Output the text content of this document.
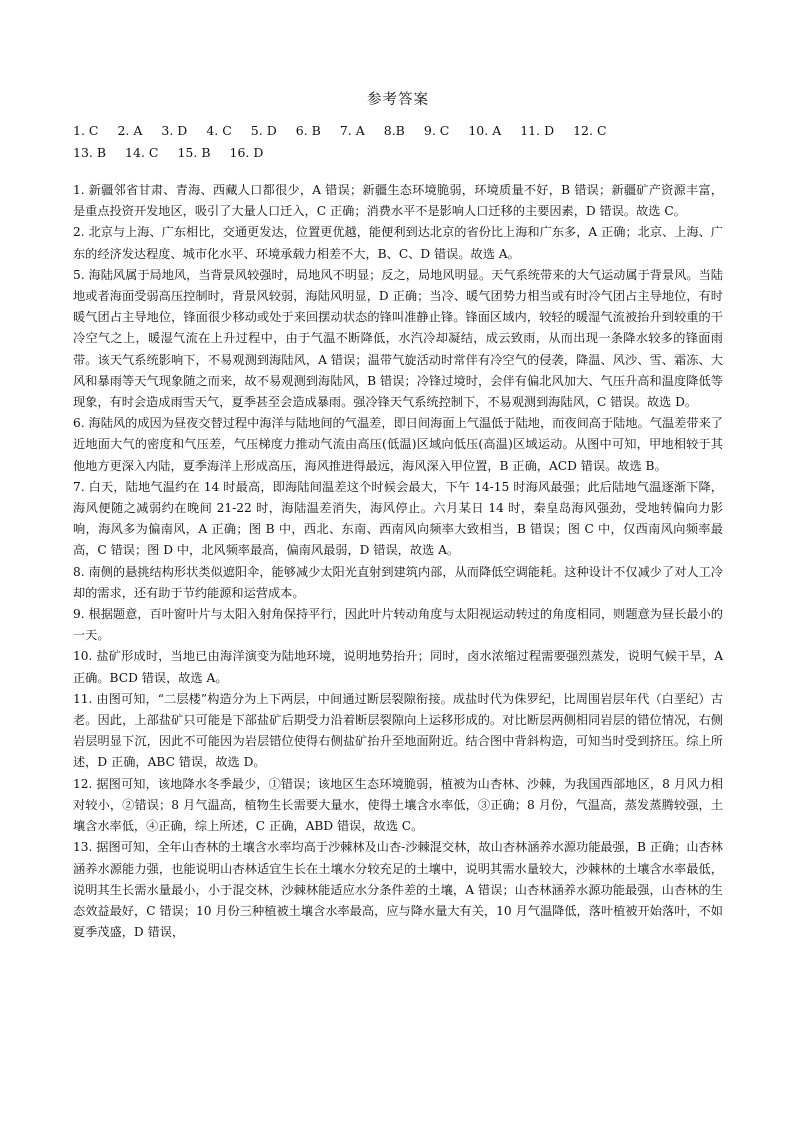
参考答案
1. C 2. A 3. D 4. C 5. D 6. B 7. A 8.B 9. C 10. A 11. D 12. C
13. B 14. C 15. B 16. D

1. 新疆邻省甘肃、青海、西藏人口都很少，A 错误；新疆生态环境脆弱，环境质量不好，B 错误；新疆矿产资源丰富，是重点投资开发地区，吸引了大量人口迁入，C 正确；消费水平不是影响人口迁移的主要因素，D 错误。故选 C。

2. 北京与上海、广东相比，交通更发达，位置更优越，能便利到达北京的省份比上海和广东多，A 正确；北京、上海、广东的经济发达程度、城市化水平、环境承载力相差不大，B、C、D 错误。故选 A。

5. 海陆风属于局地风，当背景风较强时，局地风不明显；反之，局地风明显。天气系统带来的大气运动属于背景风。当陆地或者海面受弱高压控制时，背景风较弱，海陆风明显，D 正确；当冷、暖气团势力相当或有时冷气团占主导地位，有时暖气团占主导地位，锋面很少移动或处于来回摆动状态的锋叫准静止锋。锋面区域内，较轻的暖湿气流被抬升到较重的干冷空气之上，暖湿气流在上升过程中，由于气温不断降低，水汽冷却凝结，成云致雨，从而出现一条降水较多的锋面雨带。该天气系统影响下，不易观测到海陆风，A 错误；温带气旋活动时常伴有冷空气的侵袭，降温、风沙、雪、霜冻、大风和暴雨等天气现象随之而来，故不易观测到海陆风，B 错误；冷锋过境时，会伴有偏北风加大、气压升高和温度降低等现象，有时会造成雨雪天气，夏季甚至会造成暴雨。强冷锋天气系统控制下，不易观测到海陆风，C 错误。故选 D。

6. 海陆风的成因为昼夜交替过程中海洋与陆地间的气温差，即日间海面上气温低于陆地，而夜间高于陆地。气温差带来了近地面大气的密度和气压差，气压梯度力推动气流由高压(低温)区域向低压(高温)区域运动。从图中可知，甲地相较于其他地方更深入内陆，夏季海洋上形成高压，海风推进得最远，海风深入甲位置，B 正确，ACD 错误。故选 B。

7. 白天，陆地气温约在 14 时最高，即海陆间温差这个时候会最大，下午 14-15 时海风最强；此后陆地气温逐渐下降，海风便随之减弱约在晚间 21-22 时，海陆温差消失，海风停止。六月某日 14 时，秦皇岛海风强劲，受地转偏向力影响，海风多为偏南风，A 正确；图 B 中，西北、东南、西南风向频率大致相当，B 错误；图 C 中，仅西南风向频率最高，C 错误；图 D 中，北风频率最高，偏南风最弱，D 错误，故选 A。

8. 南侧的悬挑结构形状类似遮阳伞，能够减少太阳光直射到建筑内部，从而降低空调能耗。这种设计不仅减少了对人工冷却的需求，还有助于节约能源和运营成本。

9. 根据题意，百叶窗叶片与太阳入射角保持平行，因此叶片转动角度与太阳视运动转过的角度相同，则题意为昼长最小的一天。

10. 盐矿形成时，当地已由海洋演变为陆地环境，说明地势抬升；同时，卤水浓缩过程需要强烈蒸发，说明气候干旱，A 正确。BCD 错误，故选 A。

11. 由图可知，“二层楼”构造分为上下两层，中间通过断层裂隙衔接。成盐时代为侏罗纪，比周围岩层年代（白垩纪）古老。因此，上部盐矿只可能是下部盐矿后期受力沿着断层裂隙向上运移形成的。对比断层两侧相同岩层的错位情况，右侧岩层明显下沉，因此不可能因为岩层错位使得右侧盐矿抬升至地面附近。结合图中背斜构造，可知当时受到挤压。综上所述，D 正确，ABC 错误，故选 D。

12. 据图可知，该地降水冬季最少，①错误；该地区生态环境脆弱，植被为山杏林、沙棘，为我国西部地区，8 月风力相对较小，②错误；8 月气温高，植物生长需要大量水，使得土壤含水率低，③正确；8 月份，气温高，蒸发蒸腾较强，土壤含水率低，④正确，综上所述，C 正确，ABD 错误，故选 C。

13. 据图可知，全年山杏林的土壤含水率均高于沙棘林及山杏-沙棘混交林，故山杏林涵养水源功能最强，B 正确；山杏林涵养水源能力强，也能说明山杏林适宜生长在土壤水分较充足的土壤中，说明其需水量较大，沙棘林的土壤含水率最低，说明其生长需水量最小，小于混交林，沙棘林能适应水分条件差的土壤，A 错误；山杏林涵养水源功能最强，山杏林的生态效益最好，C 错误；10 月份三种植被土壤含水率最高，应与降水量大有关，10 月气温降低，落叶植被开始落叶，不如夏季茂盛，D 错误，
